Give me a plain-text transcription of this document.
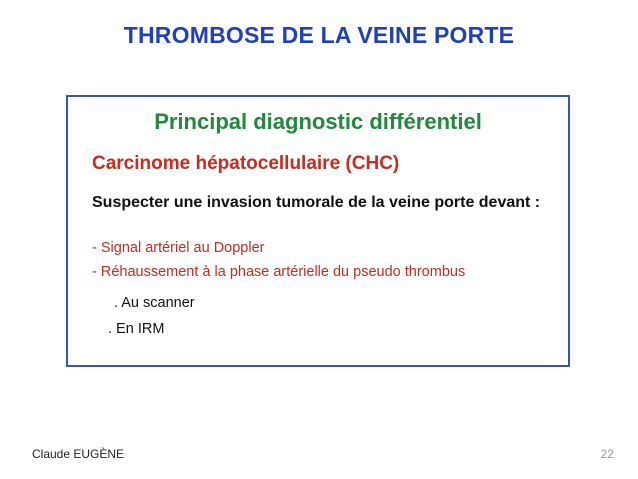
THROMBOSE DE LA VEINE PORTE
Principal diagnostic différentiel
Carcinome hépatocellulaire (CHC)
Suspecter une invasion tumorale de la veine porte devant :
- Signal artériel au Doppler
- Réhaussement à la phase artérielle du pseudo thrombus
. Au scanner
. En IRM
Claude EUGÈNE	22
